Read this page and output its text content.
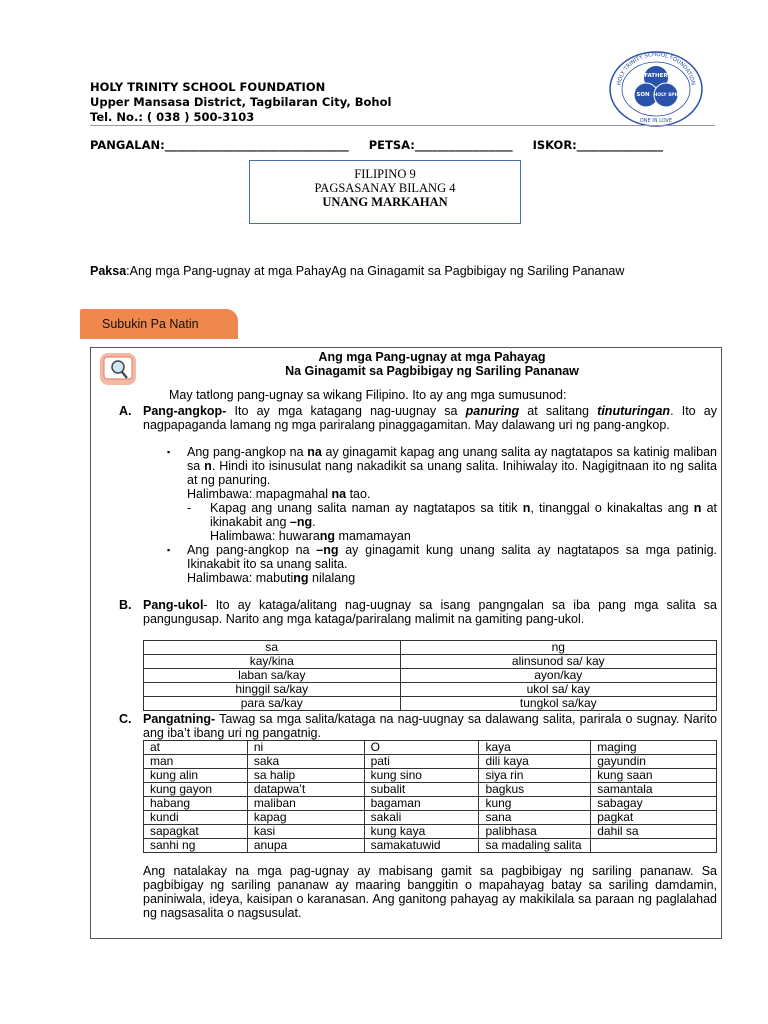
HOLY TRINITY SCHOOL FOUNDATION
Upper Mansasa District, Tagbilaran City, Bohol
Tel. No.: ( 038 ) 500-3103
HOLY TRINITY SCHOOL FOUNDATION
FATHER
SON HOLY SPIRIT
ONE IN LOVE
PANGALAN:________________________________     PETSA:_________________     ISKOR:_______________
FILIPINO 9
PAGSASANAY BILANG 4
UNANG MARKAHAN
Paksa:Ang mga Pang-ugnay at mga PahayAg na Ginagamit sa Pagbibigay ng Sariling Pananaw
Subukin Pa Natin
Ang mga Pang-ugnay at mga Pahayag
Na Ginagamit sa Pagbibigay ng Sariling Pananaw
May tatlong pang-ugnay sa wikang Filipino. Ito ay ang mga sumusunod:
A. Pang-angkop- Ito ay mga katagang nag-uugnay sa panuring at salitang tinuturingan. Ito ay nagpapaganda lamang ng mga pariralang pinaggagamitan. May dalawang uri ng pang-angkop.
▪ Ang pang-angkop na na ay ginagamit kapag ang unang salita ay nagtatapos sa katinig maliban sa n. Hindi ito isinusulat nang nakadikit sa unang salita. Inihiwalay ito. Nagigitnaan ito ng salita at ng panuring.
Halimbawa: mapagmahal na tao.
- Kapag ang unang salita naman ay nagtatapos sa titik n, tinanggal o kinakaltas ang n at ikinakabit ang –ng.
Halimbawa: huwarang mamamayan
▪ Ang pang-angkop na –ng ay ginagamit kung unang salita ay nagtatapos sa mga patinig. Ikinakabit ito sa unang salita.
Halimbawa: mabuting nilalang
B. Pang-ukol- Ito ay kataga/alitang nag-uugnay sa isang pangngalan sa iba pang mga salita sa pangungusap. Narito ang mga kataga/pariralang malimit na gamiting pang-ukol.
sa	ng
kay/kina	alinsunod sa/ kay
laban sa/kay	ayon/kay
hinggil sa/kay	ukol sa/ kay
para sa/kay	tungkol sa/kay
C. Pangatning- Tawag sa mga salita/kataga na nag-uugnay sa dalawang salita, parirala o sugnay. Narito ang iba’t ibang uri ng pangatnig.
at	ni	O	kaya	maging
man	saka	pati	dili kaya	gayundin
kung alin	sa halip	kung sino	siya rin	kung saan
kung gayon	datapwa’t	subalit	bagkus	samantala
habang	maliban	bagaman	kung	sabagay
kundi	kapag	sakali	sana	pagkat
sapagkat	kasi	kung kaya	palibhasa	dahil sa
sanhi ng	anupa	samakatuwid	sa madaling salita	
Ang natalakay na mga pag-ugnay ay mabisang gamit sa pagbibigay ng sariling pananaw. Sa pagbibigay ng sariling pananaw ay maaring banggitin o mapahayag batay sa sariling damdamin, paniniwala, ideya, kaisipan o karanasan. Ang ganitong pahayag ay makikilala sa paraan ng paglalahad ng nagsasalita o nagsusulat.
